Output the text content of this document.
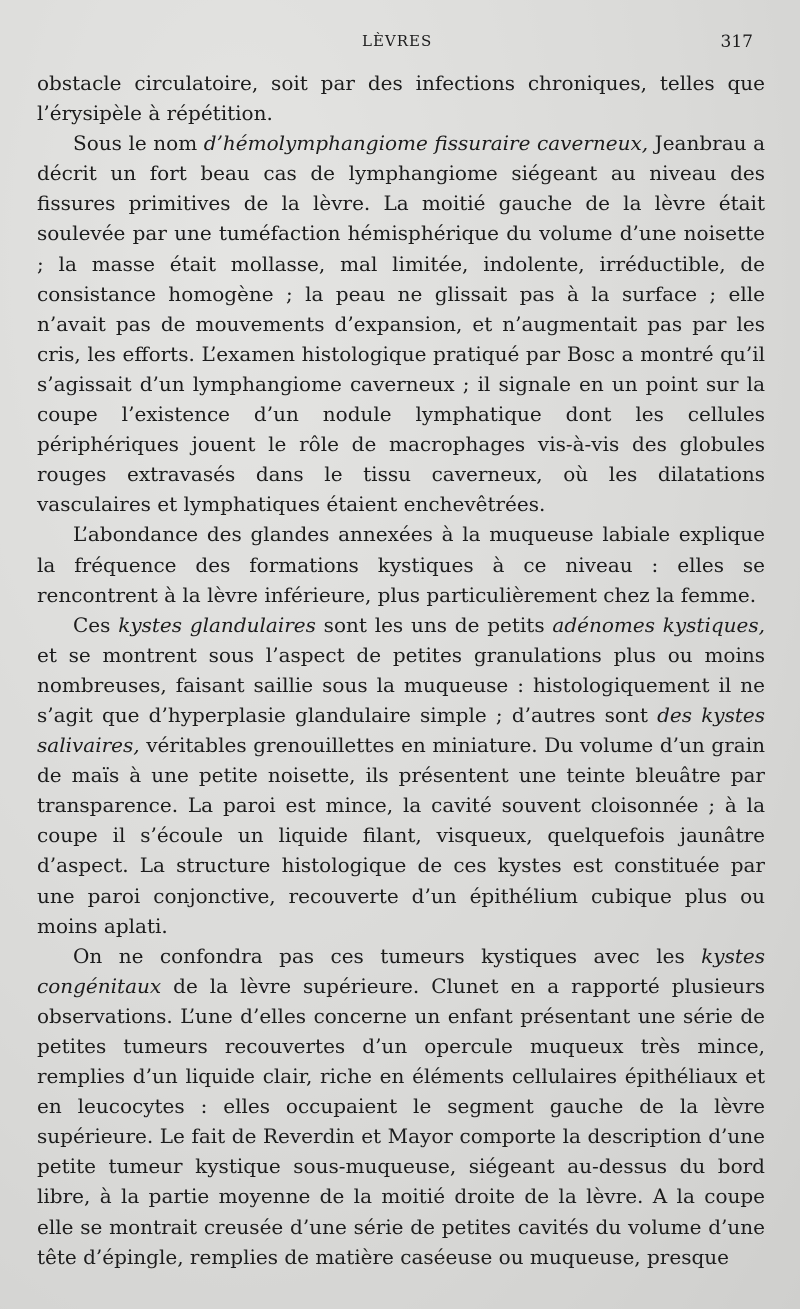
LÈVRES	317

obstacle circulatoire, soit par des infections chroniques, telles que l’érysipèle à répétition.

Sous le nom d’hémolymphangiome fissuraire caverneux, Jeanbrau a décrit un fort beau cas de lymphangiome siégeant au niveau des fissures primitives de la lèvre. La moitié gauche de la lèvre était soulevée par une tuméfaction hémisphérique du volume d’une noisette ; la masse était mollasse, mal limitée, indolente, irréductible, de consistance homogène ; la peau ne glissait pas à la surface ; elle n’avait pas de mouvements d’expansion, et n’augmentait pas par les cris, les efforts. L’examen histologique pratiqué par Bosc a montré qu’il s’agissait d’un lymphangiome caverneux ; il signale en un point sur la coupe l’existence d’un nodule lymphatique dont les cellules périphériques jouent le rôle de macrophages vis-à-vis des globules rouges extravasés dans le tissu caverneux, où les dilatations vasculaires et lymphatiques étaient enchevêtrées.

L’abondance des glandes annexées à la muqueuse labiale explique la fréquence des formations kystiques à ce niveau : elles se rencontrent à la lèvre inférieure, plus particulièrement chez la femme.

Ces kystes glandulaires sont les uns de petits adénomes kystiques, et se montrent sous l’aspect de petites granulations plus ou moins nombreuses, faisant saillie sous la muqueuse : histologiquement il ne s’agit que d’hyperplasie glandulaire simple ; d’autres sont des kystes salivaires, véritables grenouillettes en miniature. Du volume d’un grain de maïs à une petite noisette, ils présentent une teinte bleuâtre par transparence. La paroi est mince, la cavité souvent cloisonnée ; à la coupe il s’écoule un liquide filant, visqueux, quelquefois jaunâtre d’aspect. La structure histologique de ces kystes est constituée par une paroi conjonctive, recouverte d’un épithélium cubique plus ou moins aplati.

On ne confondra pas ces tumeurs kystiques avec les kystes congénitaux de la lèvre supérieure. Clunet en a rapporté plusieurs observations. L’une d’elles concerne un enfant présentant une série de petites tumeurs recouvertes d’un opercule muqueux très mince, remplies d’un liquide clair, riche en éléments cellulaires épithéliaux et en leucocytes : elles occupaient le segment gauche de la lèvre supérieure. Le fait de Reverdin et Mayor comporte la description d’une petite tumeur kystique sous-muqueuse, siégeant au-dessus du bord libre, à la partie moyenne de la moitié droite de la lèvre. A la coupe elle se montrait creusée d’une série de petites cavités du volume d’une tête d’épingle, remplies de matière caséeuse ou muqueuse, presque
